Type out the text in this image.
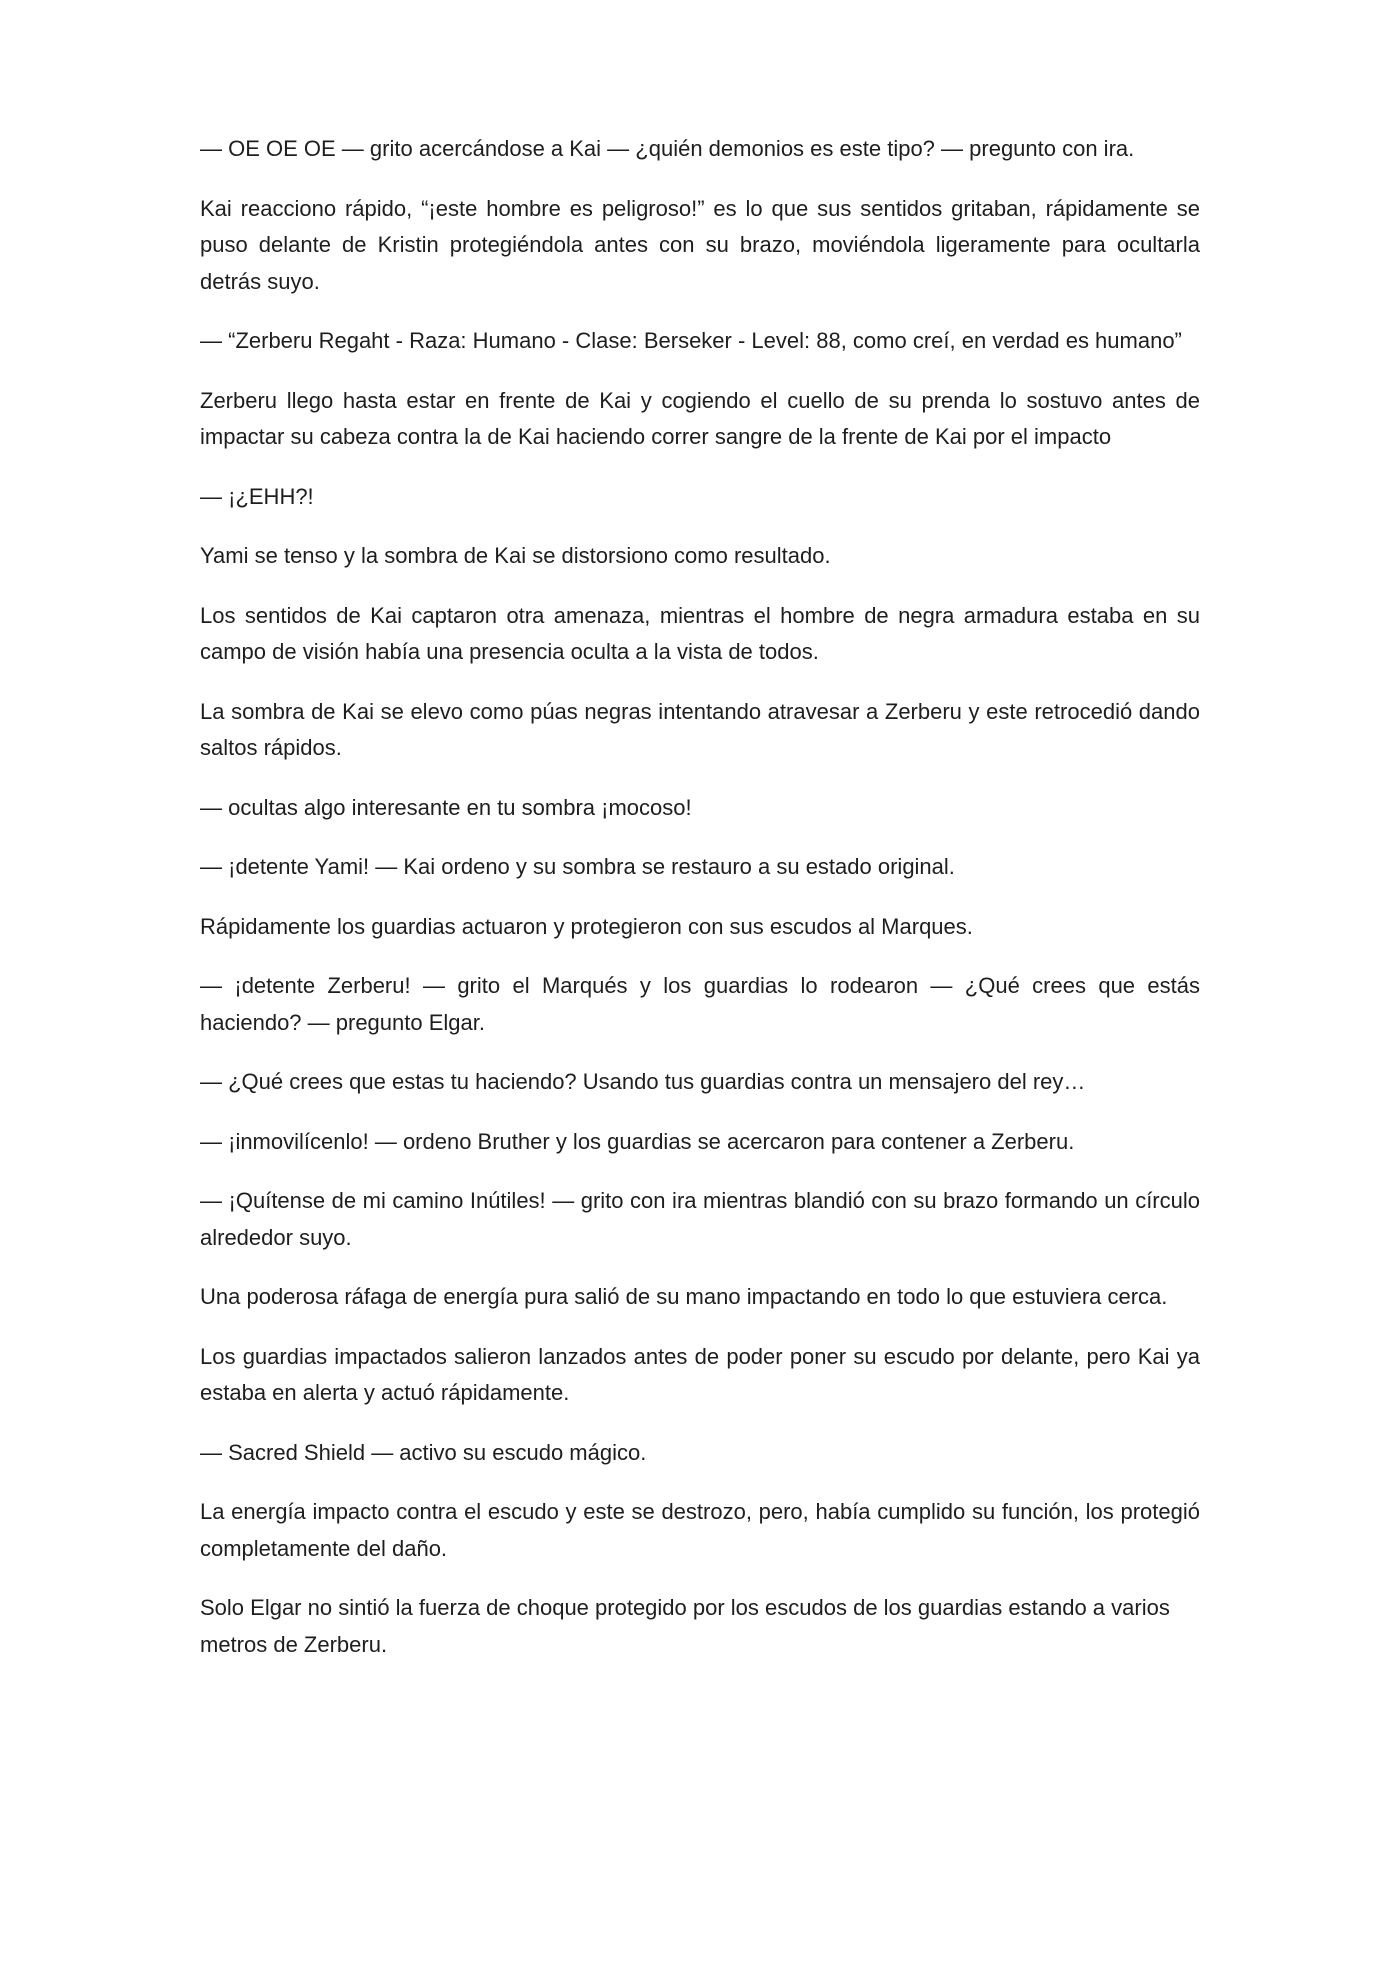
— OE OE OE — grito acercándose a Kai — ¿quién demonios es este tipo? — pregunto con ira.

Kai reacciono rápido, “¡este hombre es peligroso!” es lo que sus sentidos gritaban, rápidamente se puso delante de Kristin protegiéndola antes con su brazo, moviéndola ligeramente para ocultarla detrás suyo.

— “Zerberu Regaht - Raza: Humano - Clase: Berseker - Level: 88, como creí, en verdad es humano”

Zerberu llego hasta estar en frente de Kai y cogiendo el cuello de su prenda lo sostuvo antes de impactar su cabeza contra la de Kai haciendo correr sangre de la frente de Kai por el impacto

— ¡¿EHH?!

Yami se tenso y la sombra de Kai se distorsiono como resultado.

Los sentidos de Kai captaron otra amenaza, mientras el hombre de negra armadura estaba en su campo de visión había una presencia oculta a la vista de todos.

La sombra de Kai se elevo como púas negras intentando atravesar a Zerberu y este retrocedió dando saltos rápidos.

— ocultas algo interesante en tu sombra ¡mocoso!

— ¡detente Yami! — Kai ordeno y su sombra se restauro a su estado original.

Rápidamente los guardias actuaron y protegieron con sus escudos al Marques.

— ¡detente Zerberu! — grito el Marqués y los guardias lo rodearon — ¿Qué crees que estás haciendo? — pregunto Elgar.

— ¿Qué crees que estas tu haciendo? Usando tus guardias contra un mensajero del rey…

— ¡inmovilícenlo! — ordeno Bruther y los guardias se acercaron para contener a Zerberu.

— ¡Quítense de mi camino Inútiles! — grito con ira mientras blandió con su brazo formando un círculo alrededor suyo.

Una poderosa ráfaga de energía pura salió de su mano impactando en todo lo que estuviera cerca.

Los guardias impactados salieron lanzados antes de poder poner su escudo por delante, pero Kai ya estaba en alerta y actuó rápidamente.

— Sacred Shield — activo su escudo mágico.

La energía impacto contra el escudo y este se destrozo, pero, había cumplido su función, los protegió completamente del daño.

Solo Elgar no sintió la fuerza de choque protegido por los escudos de los guardias estando a varios metros de Zerberu.
